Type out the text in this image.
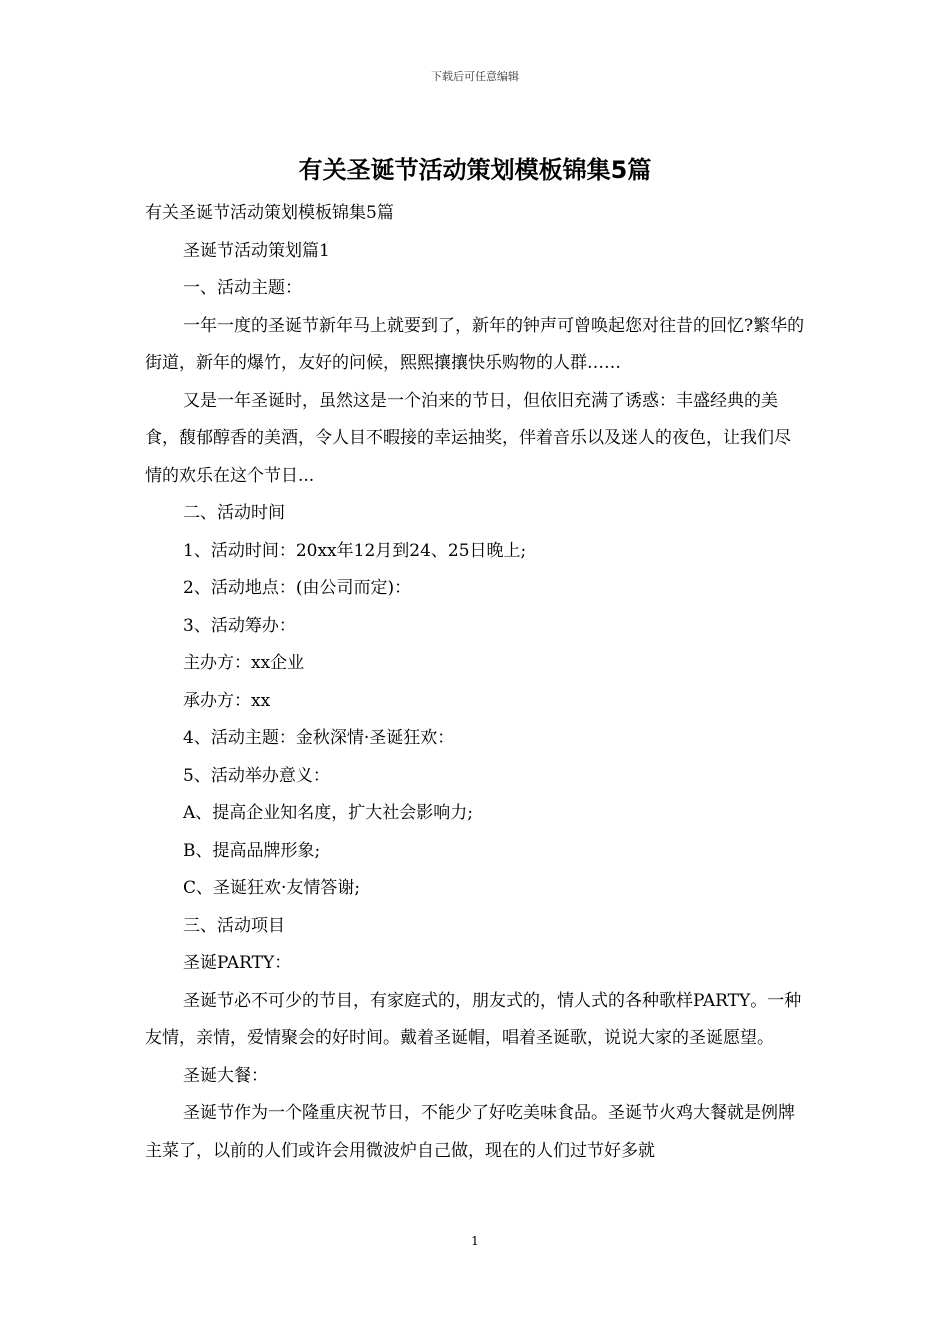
下载后可任意编辑
有关圣诞节活动策划模板锦集5篇

有关圣诞节活动策划模板锦集5篇

圣诞节活动策划篇1

一、活动主题：

一年一度的圣诞节新年马上就要到了，新年的钟声可曾唤起您对往昔的回忆?繁华的街道，新年的爆竹，友好的问候，熙熙攘攘快乐购物的人群……

又是一年圣诞时，虽然这是一个泊来的节日，但依旧充满了诱惑：丰盛经典的美食，馥郁醇香的美酒，令人目不暇接的幸运抽奖，伴着音乐以及迷人的夜色，让我们尽情的欢乐在这个节日...

二、活动时间

1、活动时间：20xx年12月到24、25日晚上;

2、活动地点：(由公司而定)：

3、活动筹办：

主办方：xx企业

承办方：xx

4、活动主题：金秋深情·圣诞狂欢：

5、活动举办意义：

A、提高企业知名度，扩大社会影响力;

B、提高品牌形象;

C、圣诞狂欢·友情答谢;

三、活动项目

圣诞PARTY：

圣诞节必不可少的节目，有家庭式的，朋友式的，情人式的各种歌样PARTY。一种友情，亲情，爱情聚会的好时间。戴着圣诞帽，唱着圣诞歌，说说大家的圣诞愿望。

圣诞大餐：

圣诞节作为一个隆重庆祝节日，不能少了好吃美味食品。圣诞节火鸡大餐就是例牌主菜了，以前的人们或许会用微波炉自己做，现在的人们过节好多就

1
